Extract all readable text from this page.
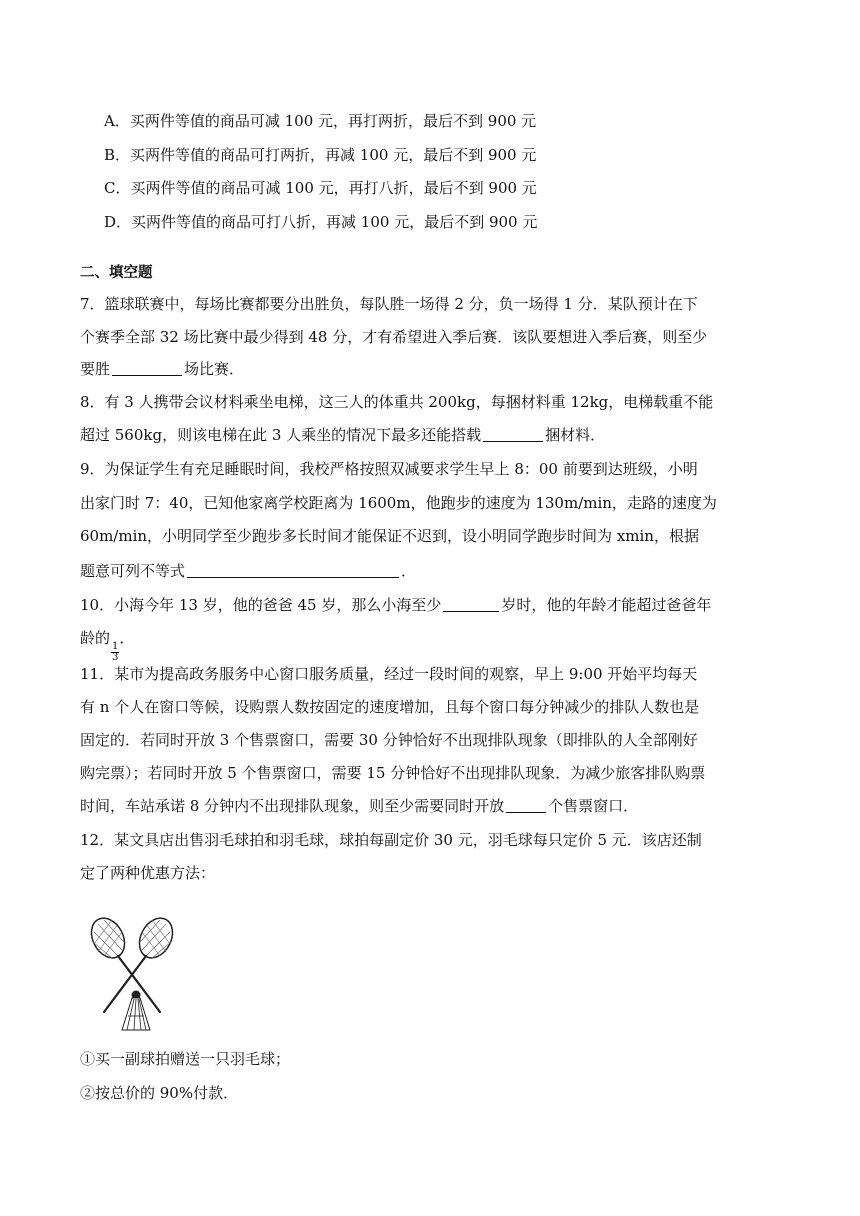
A．买两件等值的商品可减 100 元，再打两折，最后不到 900 元
B．买两件等值的商品可打两折，再减 100 元，最后不到 900 元
C．买两件等值的商品可减 100 元，再打八折，最后不到 900 元
D．买两件等值的商品可打八折，再减 100 元，最后不到 900 元
二、填空题
7．篮球联赛中，每场比赛都要分出胜负，每队胜一场得 2 分，负一场得 1 分．某队预计在下
个赛季全部 32 场比赛中最少得到 48 分，才有希望进入季后赛．该队要想进入季后赛，则至少
要胜	场比赛．
8．有 3 人携带会议材料乘坐电梯，这三人的体重共 200kg，每捆材料重 12kg，电梯载重不能
超过 560kg，则该电梯在此 3 人乘坐的情况下最多还能搭载	捆材料．
9．为保证学生有充足睡眠时间，我校严格按照双减要求学生早上 8：00 前要到达班级，小明
出家门时 7：40，已知他家离学校距离为 1600m，他跑步的速度为 130m/min，走路的速度为
60m/min，小明同学至少跑步多长时间才能保证不迟到，设小明同学跑步时间为 xmin，根据
题意可列不等式	．
10．小海今年 13 岁，他的爸爸 45 岁，那么小海至少	岁时，他的年龄才能超过爸爸年
龄的
$\frac{1}{3}$
．
11．某市为提高政务服务中心窗口服务质量，经过一段时间的观察，早上 9:00 开始平均每天
有 n 个人在窗口等候，设购票人数按固定的速度增加，且每个窗口每分钟减少的排队人数也是
固定的．若同时开放 3 个售票窗口，需要 30 分钟恰好不出现排队现象（即排队的人全部刚好
购完票）；若同时开放 5 个售票窗口，需要 15 分钟恰好不出现排队现象．为减少旅客排队购票
时间，车站承诺 8 分钟内不出现排队现象，则至少需要同时开放	个售票窗口．
12．某文具店出售羽毛球拍和羽毛球，球拍每副定价 30 元，羽毛球每只定价 5 元．该店还制
定了两种优惠方法：
①买一副球拍赠送一只羽毛球；
②按总价的 90%付款．
